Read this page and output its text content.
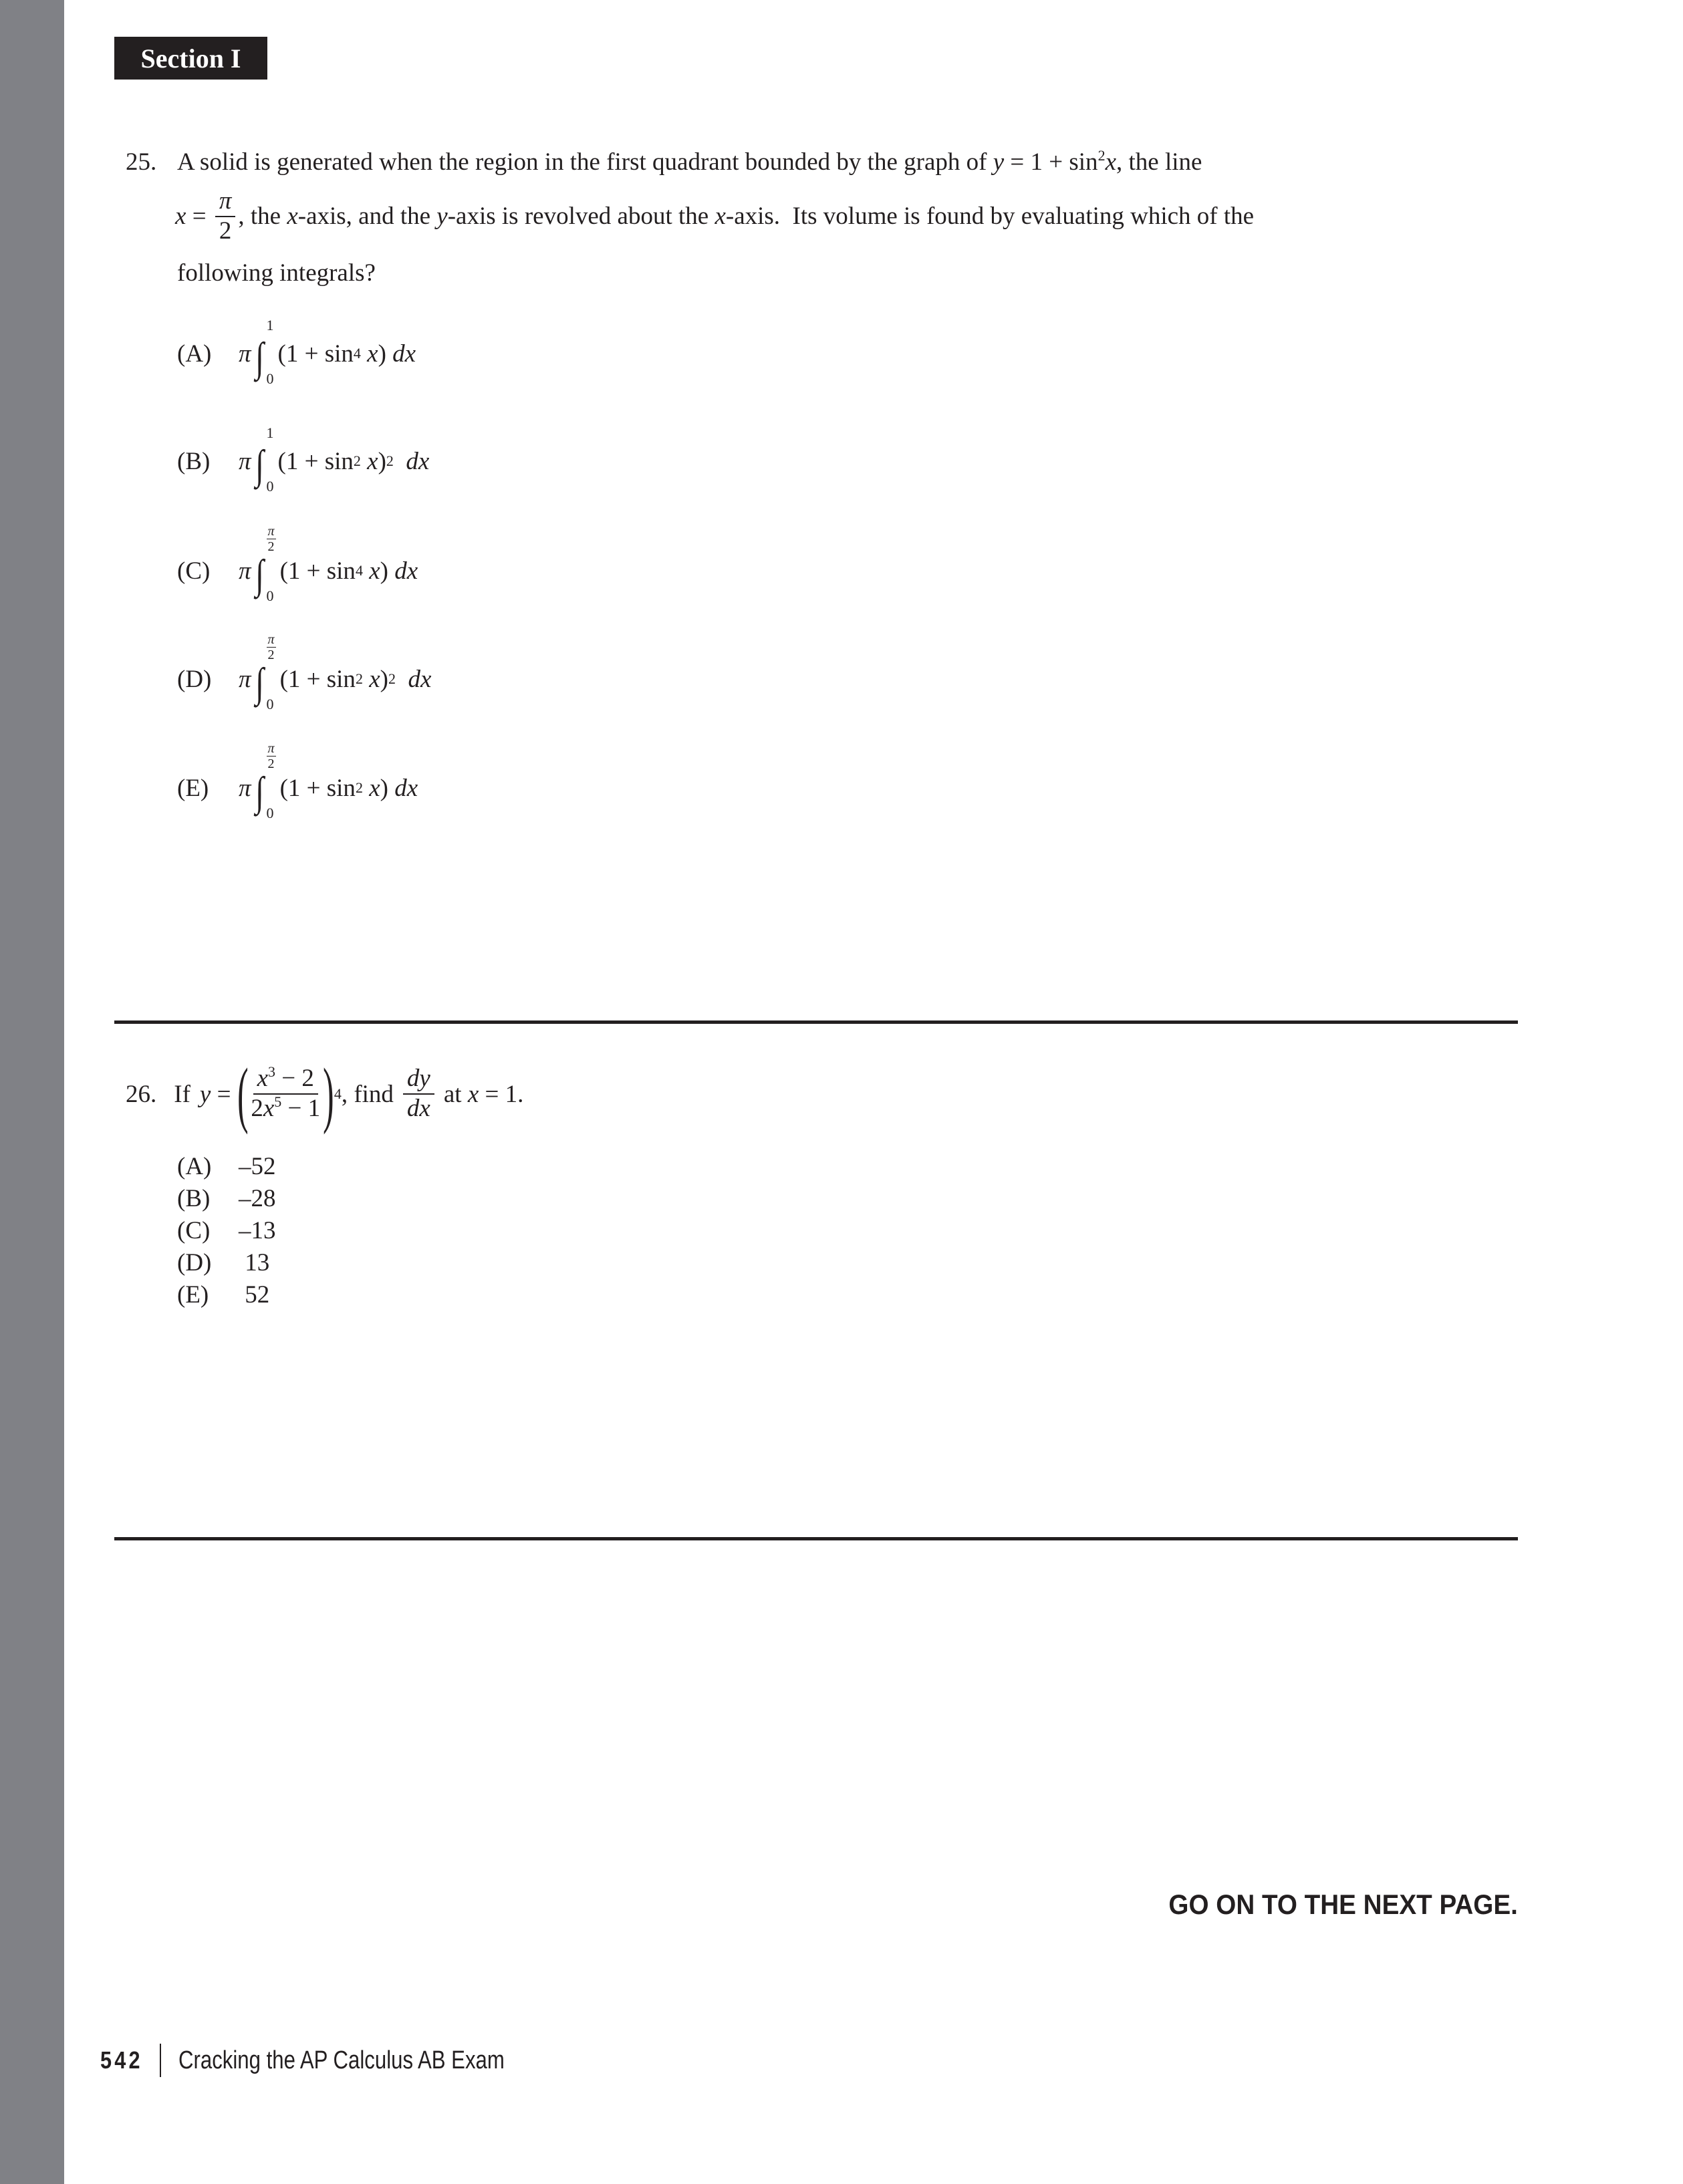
Section I
25. A solid is generated when the region in the first quadrant bounded by the graph of $y = 1 + \sin^2x$, the line
$x = \frac{\pi}{2}$ , the x-axis, and the y-axis is revolved about the x-axis.  Its volume is found by evaluating which of the
following integrals?
(A)	π ∫
1
0
(1 + sin 4
x )
dx
(B)	π ∫
1
0
(1 + sin 2
x ) 2
dx
(C)	π ∫
$\frac{\pi}{2}$
0
(1 + sin 4
x )
dx
(D)	π ∫
$\frac{\pi}{2}$
0
(1 + sin 2
x ) 2
dx
(E)	π ∫
$\frac{\pi}{2}$
0
(1 + sin 2
x )
dx
26. If y = ( $\frac{x^3 - 2}{2x^5 - 1}$ ) 4 , find $\frac{dy}{dx}$ at x = 1.
(A) –52
(B) –28
(C) –13
(D) 13
(E) 52
GO ON TO THE NEXT PAGE.
542 Cracking the AP Calculus AB Exam
